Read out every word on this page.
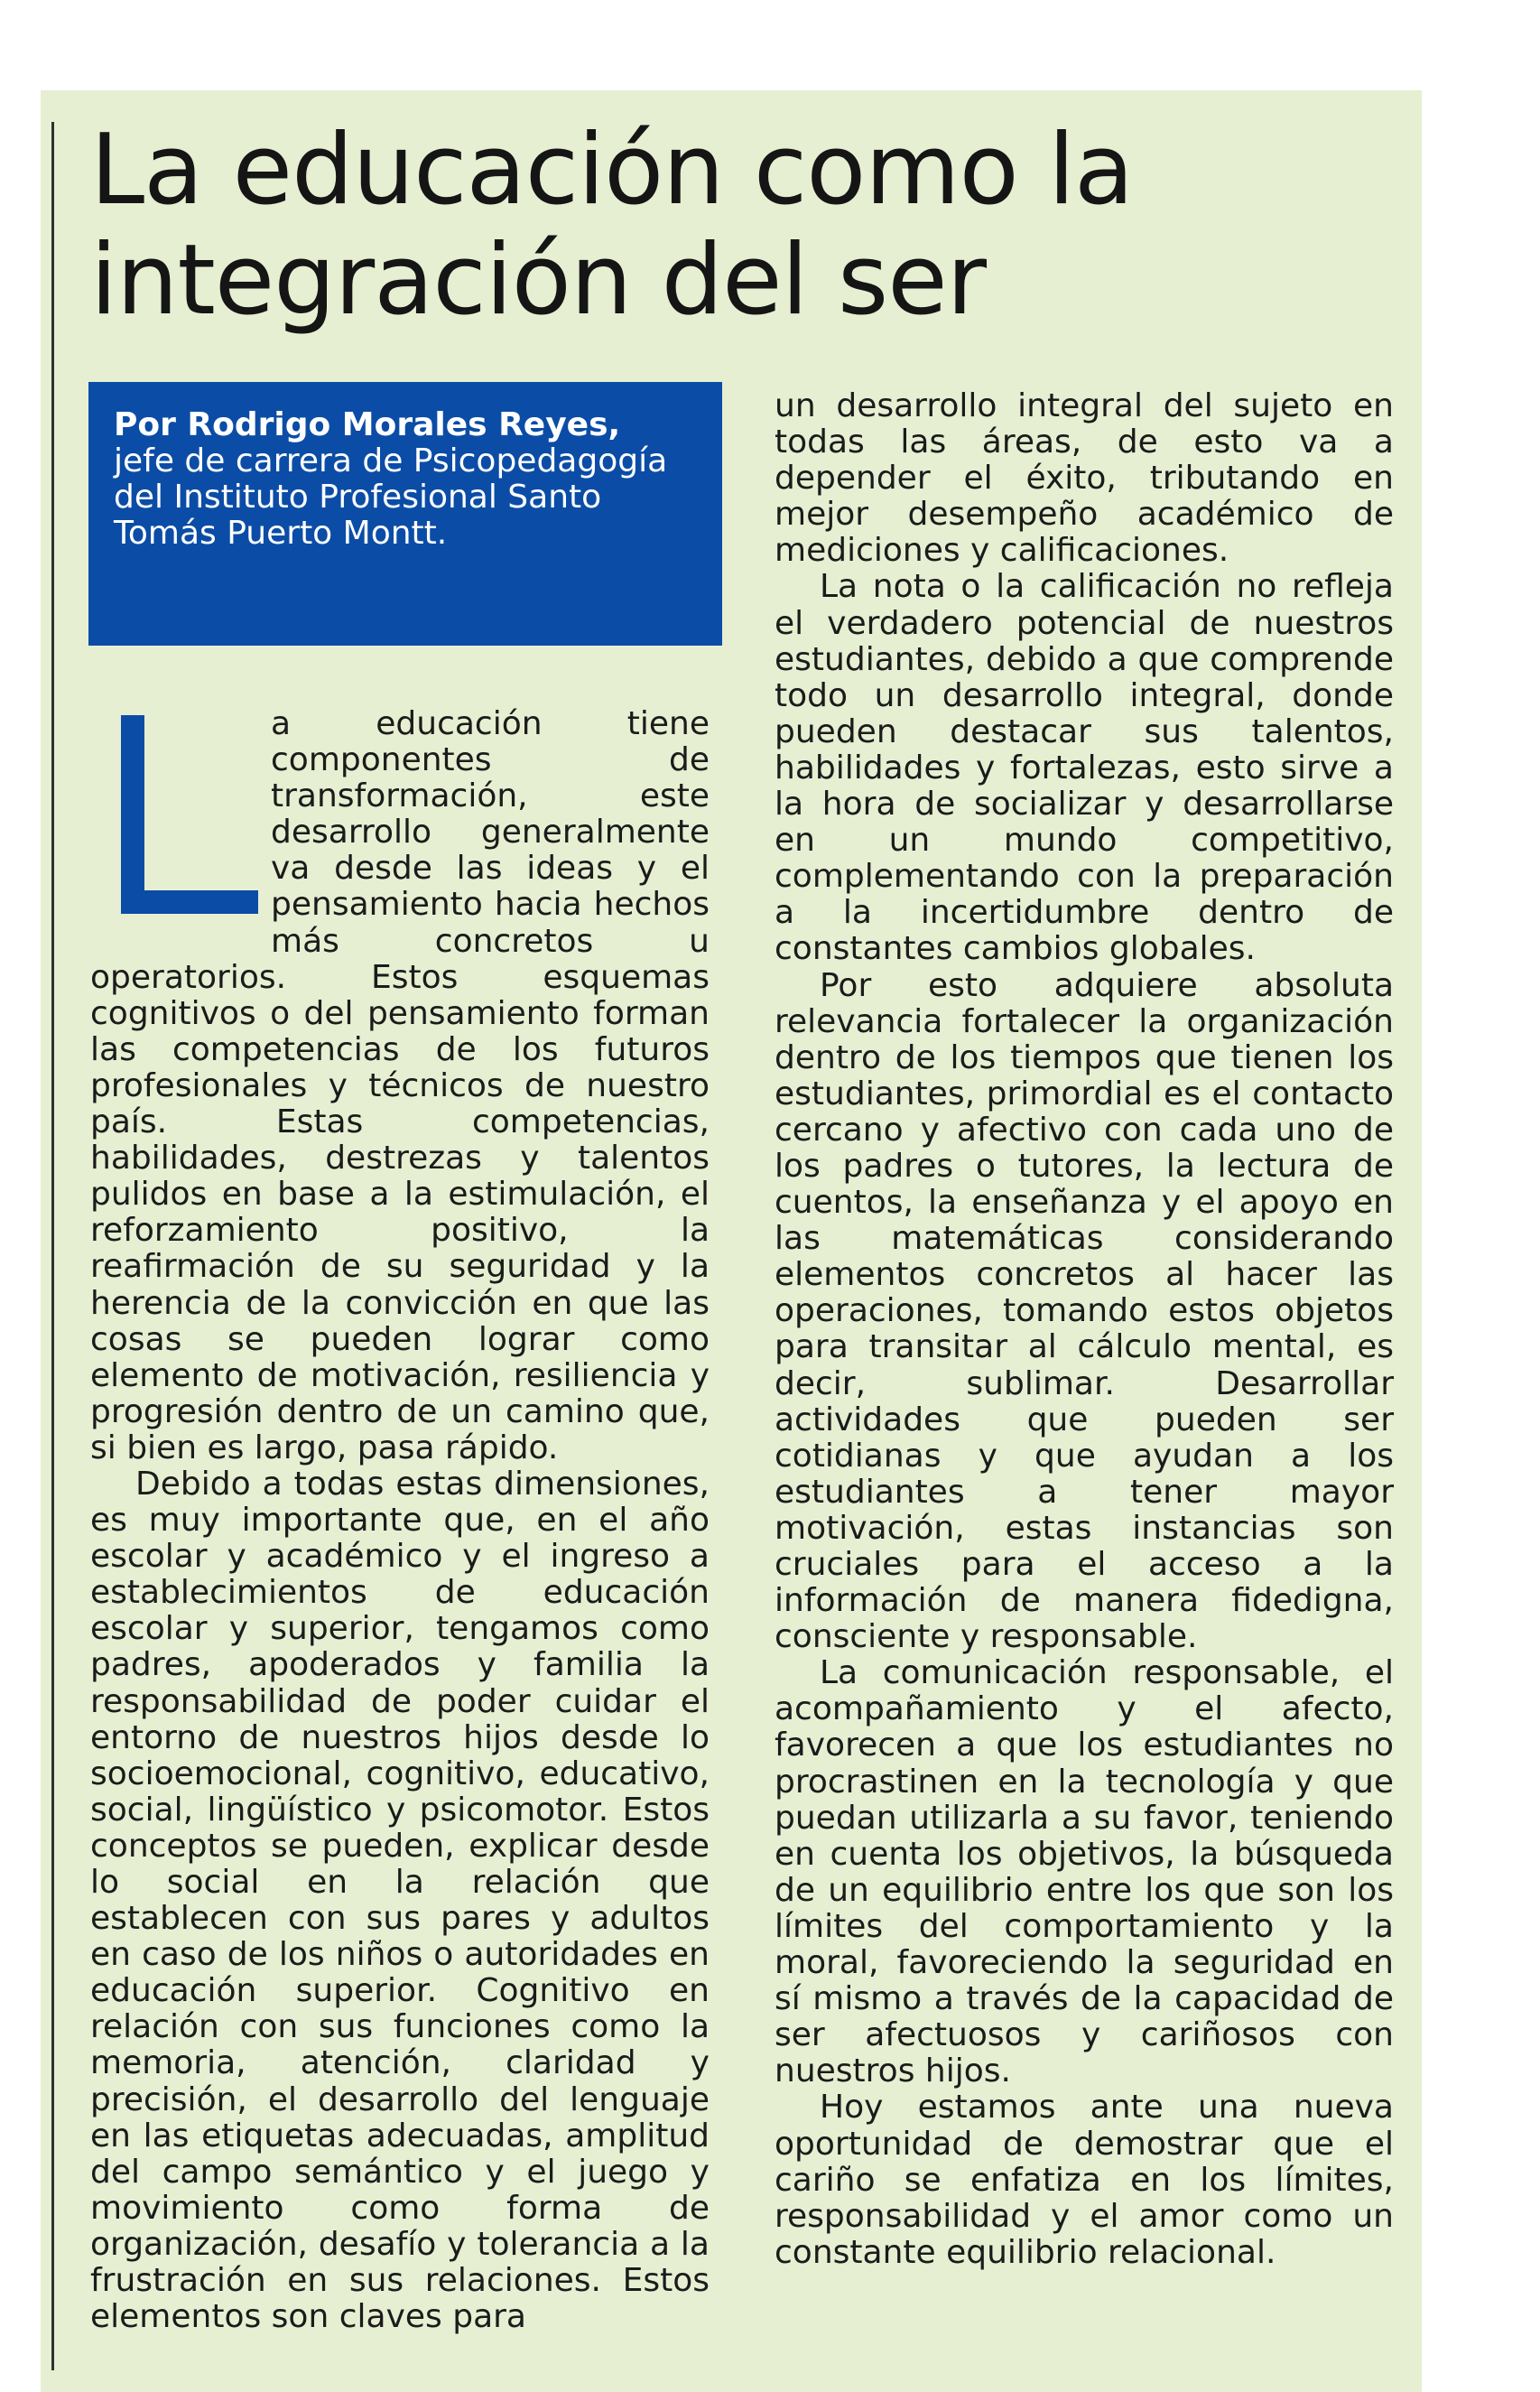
La educación como la integración del ser
Por Rodrigo Morales Reyes,
jefe de carrera de Psicopedagogía del Instituto Profesional Santo Tomás Puerto Montt.

a educación tiene componentes de transformación, este desarrollo generalmente va desde las ideas y el pensamiento hacia hechos más concretos u operatorios. Estos esquemas cognitivos o del pensamiento forman las competencias de los futuros profesionales y técnicos de nuestro país. Estas competencias, habilidades, destrezas y talentos pulidos en base a la estimulación, el reforzamiento positivo, la reafirmación de su seguridad y la herencia de la convicción en que las cosas se pueden lograr como elemento de motivación, resiliencia y progresión dentro de un camino que, si bien es largo, pasa rápido.

Debido a todas estas dimensiones, es muy importante que, en el año escolar y académico y el ingreso a establecimientos de educación escolar y superior, tengamos como padres, apoderados y familia la responsabilidad de poder cuidar el entorno de nuestros hijos desde lo socioemocional, cognitivo, educativo, social, lingüístico y psicomotor. Estos conceptos se pueden, explicar desde lo social en la relación que establecen con sus pares y adultos en caso de los niños o autoridades en educación superior. Cognitivo en relación con sus funciones como la memoria, atención, claridad y precisión, el desarrollo del lenguaje en las etiquetas adecuadas, amplitud del campo semántico y el juego y movimiento como forma de organización, desafío y tolerancia a la frustración en sus relaciones. Estos elementos son claves para

un desarrollo integral del sujeto en todas las áreas, de esto va a depender el éxito, tributando en mejor desempeño académico de mediciones y calificaciones.

La nota o la calificación no refleja el verdadero potencial de nuestros estudiantes, debido a que comprende todo un desarrollo integral, donde pueden destacar sus talentos, habilidades y fortalezas, esto sirve a la hora de socializar y desarrollarse en un mundo competitivo, complementando con la preparación a la incertidumbre dentro de constantes cambios globales.

Por esto adquiere absoluta relevancia fortalecer la organización dentro de los tiempos que tienen los estudiantes, primordial es el contacto cercano y afectivo con cada uno de los padres o tutores, la lectura de cuentos, la enseñanza y el apoyo en las matemáticas considerando elementos concretos al hacer las operaciones, tomando estos objetos para transitar al cálculo mental, es decir, sublimar. Desarrollar actividades que pueden ser cotidianas y que ayudan a los estudiantes a tener mayor motivación, estas instancias son cruciales para el acceso a la información de manera fidedigna, consciente y responsable.

La comunicación responsable, el acompañamiento y el afecto, favorecen a que los estudiantes no procrastinen en la tecnología y que puedan utilizarla a su favor, teniendo en cuenta los objetivos, la búsqueda de un equilibrio entre los que son los límites del comportamiento y la moral, favoreciendo la seguridad en sí mismo a través de la capacidad de ser afectuosos y cariñosos con nuestros hijos.

Hoy estamos ante una nueva oportunidad de demostrar que el cariño se enfatiza en los límites, responsabilidad y el amor como un constante equilibrio relacional.
